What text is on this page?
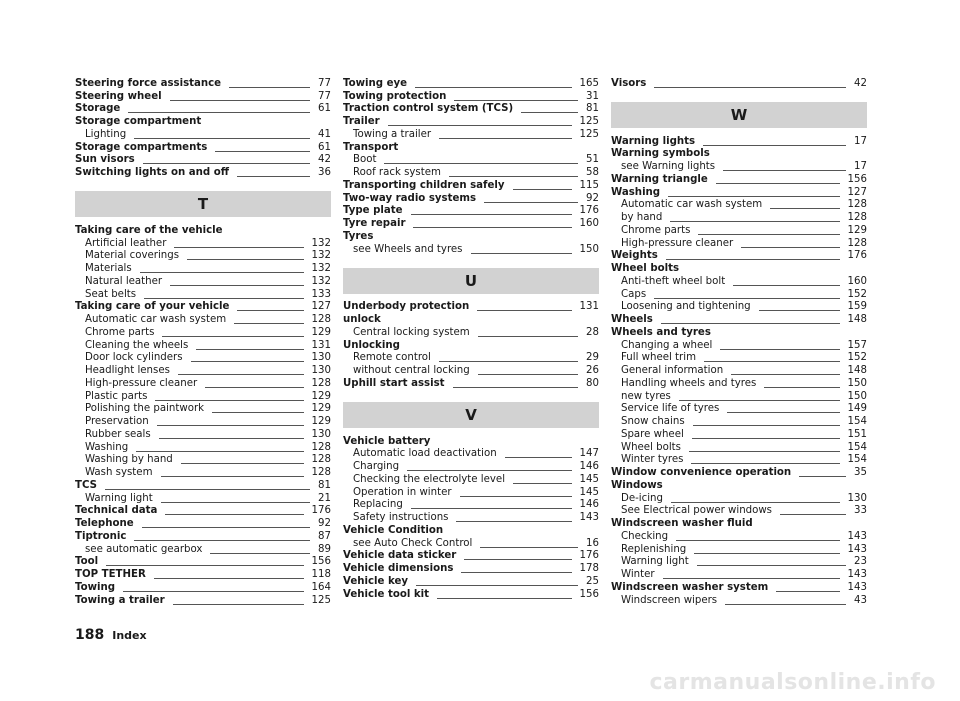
Steering force assistance	77
Steering wheel	77
Storage	61
Storage compartment
Lighting	41
Storage compartments	61
Sun visors	42
Switching lights on and off	36
T
Taking care of the vehicle
Artificial leather	132
Material coverings	132
Materials	132
Natural leather	132
Seat belts	133
Taking care of your vehicle	127
Automatic car wash system	128
Chrome parts	129
Cleaning the wheels	131
Door lock cylinders	130
Headlight lenses	130
High-pressure cleaner	128
Plastic parts	129
Polishing the paintwork	129
Preservation	129
Rubber seals	130
Washing	128
Washing by hand	128
Wash system	128
TCS	81
Warning light	21
Technical data	176
Telephone	92
Tiptronic	87
see automatic gearbox	89
Tool	156
TOP TETHER	118
Towing	164
Towing a trailer	125
Towing eye	165
Towing protection	31
Traction control system (TCS)	81
Trailer	125
Towing a trailer	125
Transport
Boot	51
Roof rack system	58
Transporting children safely	115
Two-way radio systems	92
Type plate	176
Tyre repair	160
Tyres
see Wheels and tyres	150
U
Underbody protection	131
unlock
Central locking system	28
Unlocking
Remote control	29
without central locking	26
Uphill start assist	80
V
Vehicle battery
Automatic load deactivation	147
Charging	146
Checking the electrolyte level	145
Operation in winter	145
Replacing	146
Safety instructions	143
Vehicle Condition
see Auto Check Control	16
Vehicle data sticker	176
Vehicle dimensions	178
Vehicle key	25
Vehicle tool kit	156
Visors	42
W
Warning lights	17
Warning symbols
see Warning lights	17
Warning triangle	156
Washing	127
Automatic car wash system	128
by hand	128
Chrome parts	129
High-pressure cleaner	128
Weights	176
Wheel bolts
Anti-theft wheel bolt	160
Caps	152
Loosening and tightening	159
Wheels	148
Wheels and tyres
Changing a wheel	157
Full wheel trim	152
General information	148
Handling wheels and tyres	150
new tyres	150
Service life of tyres	149
Snow chains	154
Spare wheel	151
Wheel bolts	154
Winter tyres	154
Window convenience operation	35
Windows
De-icing	130
See Electrical power windows	33
Windscreen washer fluid
Checking	143
Replenishing	143
Warning light	23
Winter	143
Windscreen washer system	143
Windscreen wipers	43
188 Index
carmanualsonline.info
